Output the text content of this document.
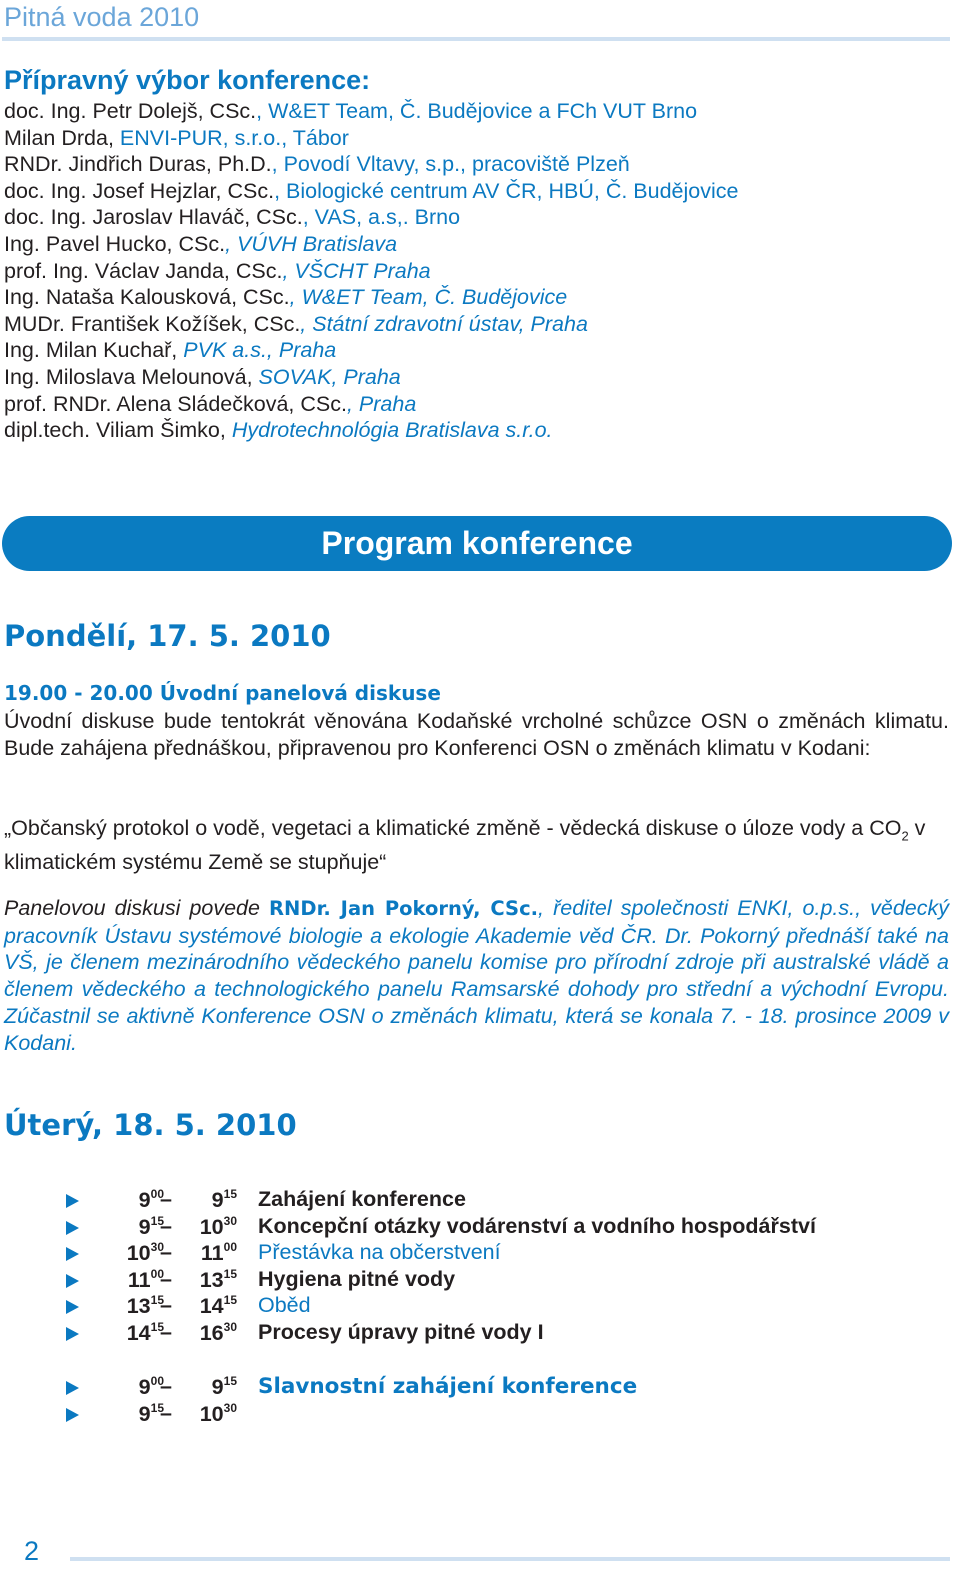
Pitná voda 2010
Přípravný výbor konference:
doc. Ing. Petr Dolejš, CSc., W&ET Team, Č. Budějovice a FCh VUT Brno
Milan Drda, ENVI-PUR, s.r.o., Tábor
RNDr. Jindřich Duras, Ph.D., Povodí Vltavy, s.p., pracoviště Plzeň
doc. Ing. Josef Hejzlar, CSc., Biologické centrum AV ČR, HBÚ, Č. Budějovice
doc. Ing. Jaroslav Hlaváč, CSc., VAS, a.s,. Brno
Ing. Pavel Hucko, CSc., VÚVH Bratislava
prof. Ing. Václav Janda, CSc., VŠCHT Praha
Ing. Nataša Kalousková, CSc., W&ET Team, Č. Budějovice
MUDr. František Kožíšek, CSc., Státní zdravotní ústav, Praha
Ing. Milan Kuchař, PVK a.s., Praha
Ing. Miloslava Melounová, SOVAK, Praha
prof. RNDr. Alena Sládečková, CSc., Praha
dipl.tech. Viliam Šimko, Hydrotechnológia Bratislava s.r.o.
Program konference
Pondělí, 17. 5. 2010
19.00 - 20.00 Úvodní panelová diskuse
Úvodní diskuse bude tentokrát věnována Kodaňské vrcholné schůzce OSN o změnách klimatu. Bude zahájena přednáškou, připravenou pro Konferenci OSN o změnách klimatu v Kodani:
„Občanský protokol o vodě, vegetaci a klimatické změně - vědecká diskuse o úloze vody a $CO_2$ v klimatickém systému Země se stupňuje“
Panelovou diskusi povede RNDr. Jan Pokorný, CSc., ředitel společnosti ENKI, o.p.s., vědecký pracovník Ústavu systémové biologie a ekologie Akademie věd ČR. Dr. Pokorný přednáší také na VŠ, je členem mezinárodního vědeckého panelu komise pro přírodní zdroje při australské vládě a členem vědeckého a technologického panelu Ramsarské dohody pro střední a východní Evropu. Zúčastnil se aktivně Konference OSN o změnách klimatu, která se konala 7. - 18. prosince 2009 v Kodani.
Úterý, 18. 5. 2010
$9^{00}$
– $9^{15}$ Zahájení konference
$9^{15}$
– $10^{30}$ Koncepční otázky vodárenství a vodního hospodářství
$10^{30}$
– $11^{00}$ Přestávka na občerstvení
$11^{00}$
– $13^{15}$ Hygiena pitné vody
$13^{15}$
– $14^{15}$ Oběd
$14^{15}$
– $16^{30}$ Procesy úpravy pitné vody I
$9^{00}$
– $9^{15}$ Slavnostní zahájení konference
$9^{15}$
– $10^{30}$
2
